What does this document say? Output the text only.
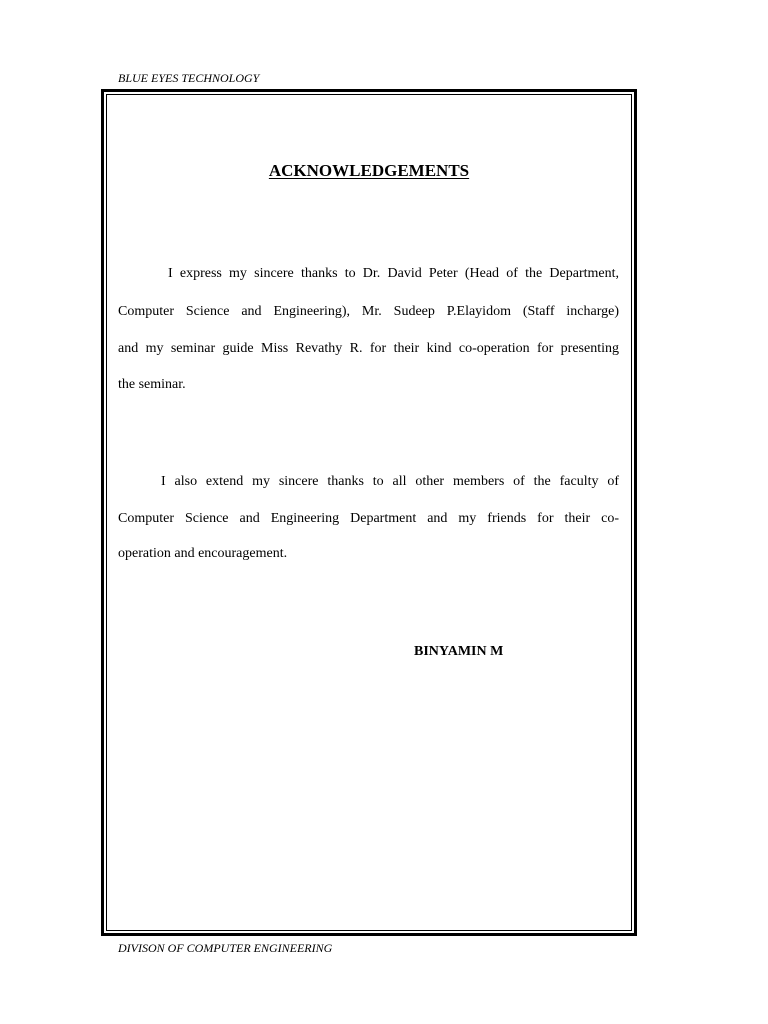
BLUE EYES TECHNOLOGY
ACKNOWLEDGEMENTS
I express my sincere thanks to Dr. David Peter (Head of the Department,
Computer Science and Engineering), Mr. Sudeep P.Elayidom (Staff incharge)
and my seminar guide Miss Revathy R. for their kind co-operation for presenting
the seminar.
I also extend my sincere thanks to all other members of the faculty of
Computer Science and Engineering Department and my friends for their co-
operation and encouragement.
BINYAMIN M
DIVISON OF COMPUTER ENGINEERING
